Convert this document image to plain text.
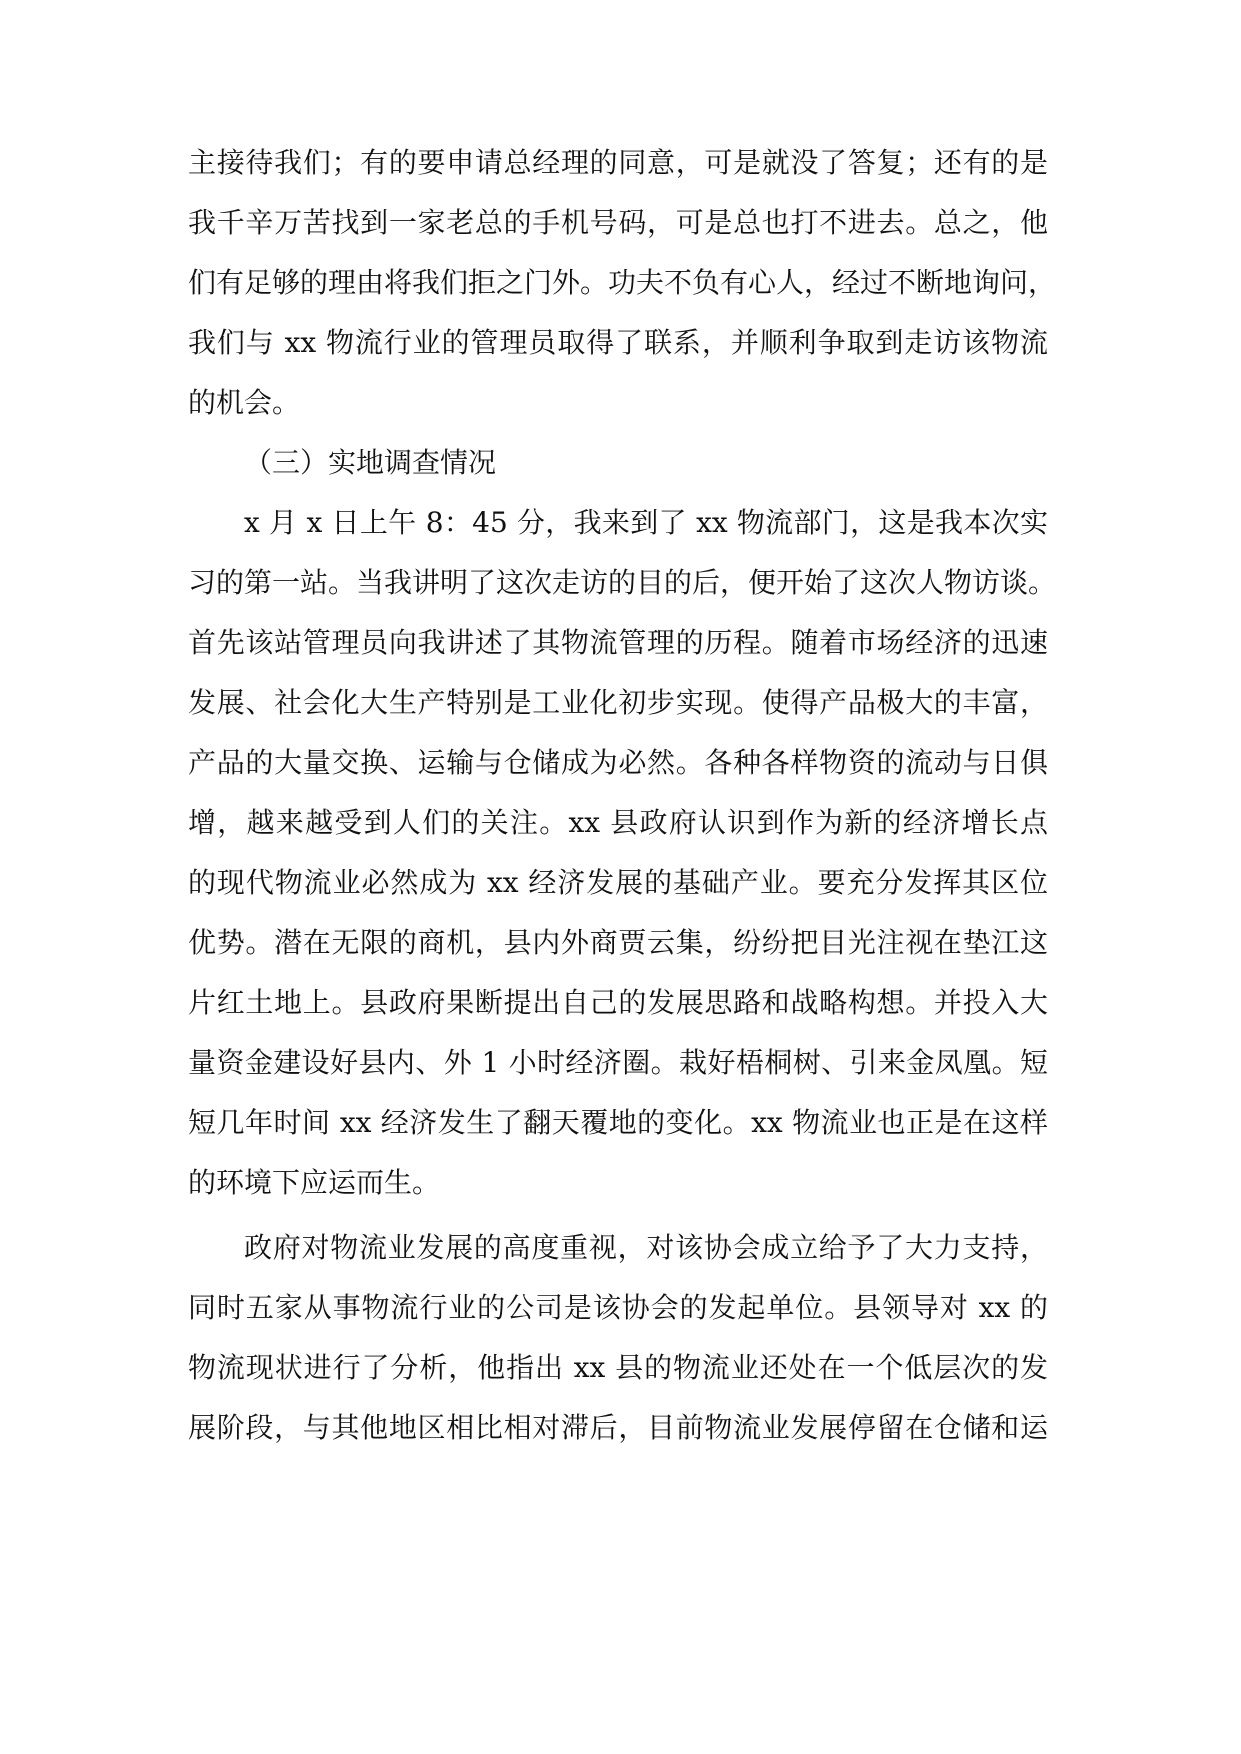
主接待我们；有的要申请总经理的同意，可是就没了答复；还有的是
我千辛万苦找到一家老总的手机号码，可是总也打不进去。总之，他
们有足够的理由将我们拒之门外。功夫不负有心人，经过不断地询问，
我们与 xx 物流行业的管理员取得了联系，并顺利争取到走访该物流
的机会。
（三）实地调查情况
x 月 x 日上午 8：45 分，我来到了 xx 物流部门，这是我本次实
习的第一站。当我讲明了这次走访的目的后，便开始了这次人物访谈。
首先该站管理员向我讲述了其物流管理的历程。随着市场经济的迅速
发展、社会化大生产特别是工业化初步实现。使得产品极大的丰富，
产品的大量交换、运输与仓储成为必然。各种各样物资的流动与日俱
增，越来越受到人们的关注。xx 县政府认识到作为新的经济增长点
的现代物流业必然成为 xx 经济发展的基础产业。要充分发挥其区位
优势。潜在无限的商机，县内外商贾云集，纷纷把目光注视在垫江这
片红土地上。县政府果断提出自己的发展思路和战略构想。并投入大
量资金建设好县内、外 1 小时经济圈。栽好梧桐树、引来金凤凰。短
短几年时间 xx 经济发生了翻天覆地的变化。xx 物流业也正是在这样
的环境下应运而生。
政府对物流业发展的高度重视，对该协会成立给予了大力支持，
同时五家从事物流行业的公司是该协会的发起单位。县领导对 xx 的
物流现状进行了分析，他指出 xx 县的物流业还处在一个低层次的发
展阶段，与其他地区相比相对滞后，目前物流业发展停留在仓储和运
